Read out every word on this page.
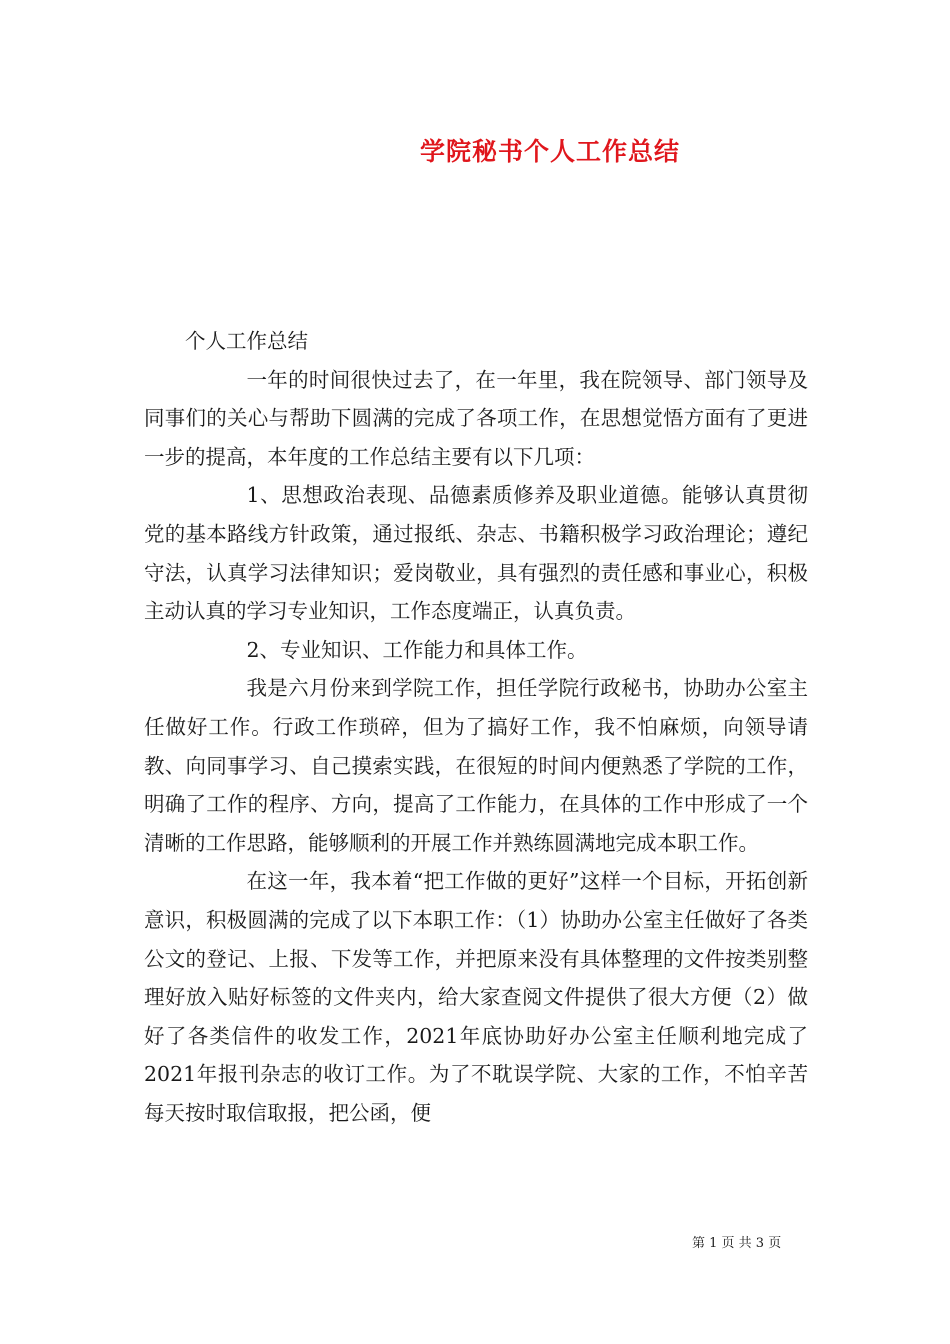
学院秘书个人工作总结

个人工作总结

一年的时间很快过去了，在一年里，我在院领导、部门领导及同事们的关心与帮助下圆满的完成了各项工作，在思想觉悟方面有了更进一步的提高，本年度的工作总结主要有以下几项：

1、思想政治表现、品德素质修养及职业道德。能够认真贯彻党的基本路线方针政策，通过报纸、杂志、书籍积极学习政治理论；遵纪守法，认真学习法律知识；爱岗敬业，具有强烈的责任感和事业心，积极主动认真的学习专业知识，工作态度端正，认真负责。

2、专业知识、工作能力和具体工作。

我是六月份来到学院工作，担任学院行政秘书，协助办公室主任做好工作。行政工作琐碎，但为了搞好工作，我不怕麻烦，向领导请教、向同事学习、自己摸索实践，在很短的时间内便熟悉了学院的工作，明确了工作的程序、方向，提高了工作能力，在具体的工作中形成了一个清晰的工作思路，能够顺利的开展工作并熟练圆满地完成本职工作。

在这一年，我本着“把工作做的更好”这样一个目标，开拓创新意识，积极圆满的完成了以下本职工作：（1）协助办公室主任做好了各类公文的登记、上报、下发等工作，并把原来没有具体整理的文件按类别整理好放入贴好标签的文件夹内，给大家查阅文件提供了很大方便（2）做好了各类信件的收发工作，2021年底协助好办公室主任顺利地完成了2021年报刊杂志的收订工作。为了不耽误学院、大家的工作，不怕辛苦每天按时取信取报，把公函，便

第 1 页 共 3 页
